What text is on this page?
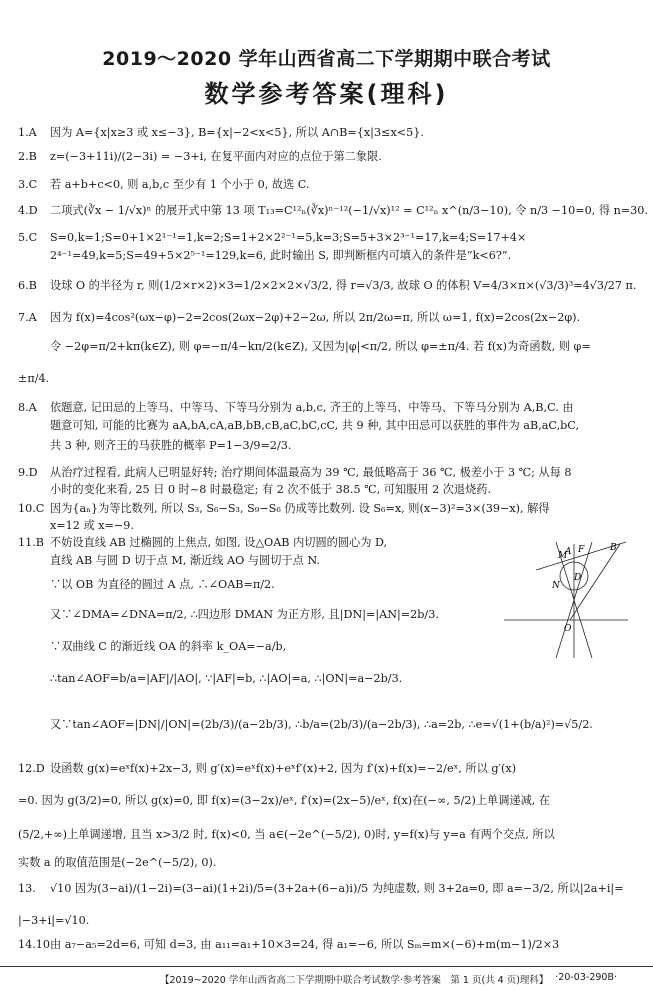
2019～2020 学年山西省高二下学期期中联合考试
数学参考答案(理科)
1.A 因为 A={x|x≥3 或 x≤−3}, B={x|−2<x<5}, 所以 A∩B={x|3≤x<5}.
2.B z=(−3+11i)/(2−3i) = −3+i, 在复平面内对应的点位于第二象限.
3.C 若 a+b+c<0, 则 a,b,c 至少有 1 个小于 0, 故选 C.
4.D 二项式(∛x − 1/√x)ⁿ 的展开式中第 13 项 T₁₃=C¹²ₙ(∛x)ⁿ⁻¹²(−1/√x)¹² = C¹²ₙ x^(n/3−10), 令 n/3 −10=0, 得 n=30.
5.C S=0,k=1;S=0+1×2¹⁻¹=1,k=2;S=1+2×2²⁻¹=5,k=3;S=5+3×2³⁻¹=17,k=4;S=17+4×
2⁴⁻¹=49,k=5;S=49+5×2⁵⁻¹=129,k=6, 此时输出 S, 即判断框内可填入的条件是“k<6?”.
6.B 设球 O 的半径为 r, 则(1/2×r×2)×3=1/2×2×2×√3/2, 得 r=√3/3, 故球 O 的体积 V=4/3×π×(√3/3)³=4√3/27 π.
7.A 因为 f(x)=4cos²(ωx−φ)−2=2cos(2ωx−2φ)+2−2ω, 所以 2π/2ω=π, 所以 ω=1, f(x)=2cos(2x−2φ).
令 −2φ=π/2+kπ(k∈Z), 则 φ=−π/4−kπ/2(k∈Z), 又因为|φ|<π/2, 所以 φ=±π/4. 若 f(x)为奇函数, 则 φ=
±π/4.
8.A 依题意, 记田忌的上等马、中等马、下等马分别为 a,b,c, 齐王的上等马、中等马、下等马分别为 A,B,C. 由
题意可知, 可能的比赛为 aA,bA,cA,aB,bB,cB,aC,bC,cC, 共 9 种, 其中田忌可以获胜的事件为 aB,aC,bC,
共 3 种, 则齐王的马获胜的概率 P=1−3/9=2/3.
9.D 从治疗过程看, 此病人已明显好转; 治疗期间体温最高为 39 ℃, 最低略高于 36 ℃, 极差小于 3 ℃; 从每 8
小时的变化来看, 25 日 0 时~8 时最稳定; 有 2 次不低于 38.5 ℃, 可知服用 2 次退烧药.
10.C 因为{aₙ}为等比数列, 所以 S₃, S₆−S₃, S₉−S₆ 仍成等比数列. 设 S₆=x, 则(x−3)²=3×(39−x), 解得
x=12 或 x=−9.
11.B 不妨设直线 AB 过椭圆的上焦点, 如图, 设△OAB 内切圆的圆心为 D,
直线 AB 与圆 D 切于点 M, 渐近线 AO 与圆切于点 N.
∵以 OB 为直径的圆过 A 点, ∴∠OAB=π/2.
又∵∠DMA=∠DNA=π/2, ∴四边形 DMAN 为正方形, 且|DN|=|AN|=2b/3.
∵双曲线 C 的渐近线 OA 的斜率 k_OA=−a/b,
∴tan∠AOF=b/a=|AF|/|AO|, ∵|AF|=b, ∴|AO|=a, ∴|ON|=a−2b/3.
又∵tan∠AOF=|DN|/|ON|=(2b/3)/(a−2b/3), ∴b/a=(2b/3)/(a−2b/3), ∴a=2b, ∴e=√(1+(b/a)²)=√5/2.
12.D 设函数 g(x)=eˣf(x)+2x−3, 则 g′(x)=eˣf(x)+eˣf′(x)+2, 因为 f′(x)+f(x)=−2/eˣ, 所以 g′(x)
=0. 因为 g(3/2)=0, 所以 g(x)=0, 即 f(x)=(3−2x)/eˣ, f′(x)=(2x−5)/eˣ, f(x)在(−∞, 5/2)上单调递减, 在
(5/2,+∞)上单调递增, 且当 x>3/2 时, f(x)<0, 当 a∈(−2e^(−5/2), 0)时, y=f(x)与 y=a 有两个交点, 所以
实数 a 的取值范围是(−2e^(−5/2), 0).
13. √10 因为(3−ai)/(1−2i)=(3−ai)(1+2i)/5=(3+2a+(6−a)i)/5 为纯虚数, 则 3+2a=0, 即 a=−3/2, 所以|2a+i|=
|−3+i|=√10.
14.10由 a₇−a₅=2d=6, 可知 d=3, 由 a₁₁=a₁+10×3=24, 得 a₁=−6, 所以 Sₘ=m×(−6)+m(m−1)/2×3
M
A F	B
N
D
O
【2019~2020 学年山西省高二下学期期中联合考试数学·参考答案　第 1 页(共 4 页)理科】 ·20-03-290B·
